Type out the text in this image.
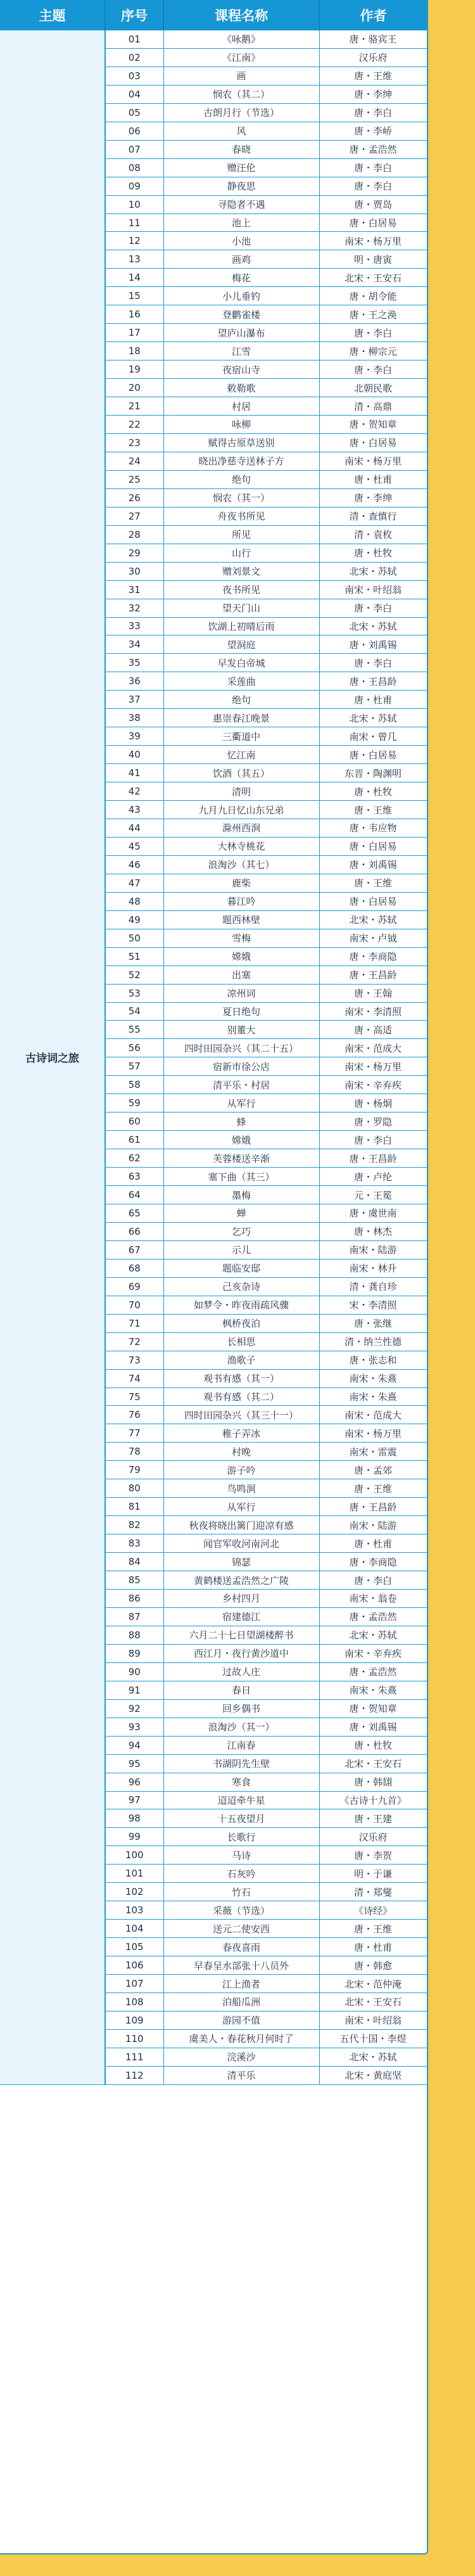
主题	序号	课程名称	作者
古诗词之旅	01	《咏鹅》	唐・骆宾王
	02	《江南》	汉乐府
	03	画	唐・王维
	04	悯农（其二）	唐・李绅
	05	古朗月行（节选）	唐・李白
	06	风	唐・李峤
	07	春晓	唐・孟浩然
	08	赠汪伦	唐・李白
	09	静夜思	唐・李白
	10	寻隐者不遇	唐・贾岛
	11	池上	唐・白居易
	12	小池	南宋・杨万里
	13	画鸡	明・唐寅
	14	梅花	北宋・王安石
	15	小儿垂钓	唐・胡令能
	16	登鹳雀楼	唐・王之涣
	17	望庐山瀑布	唐・李白
	18	江雪	唐・柳宗元
	19	夜宿山寺	唐・李白
	20	敕勒歌	北朝民歌
	21	村居	清・高鼎
	22	咏柳	唐・贺知章
	23	赋得古原草送别	唐・白居易
	24	晓出净慈寺送林子方	南宋・杨万里
	25	绝句	唐・杜甫
	26	悯农（其一）	唐・李绅
	27	舟夜书所见	清・查慎行
	28	所见	清・袁枚
	29	山行	唐・杜牧
	30	赠刘景文	北宋・苏轼
	31	夜书所见	南宋・叶绍翁
	32	望天门山	唐・李白
	33	饮湖上初晴后雨	北宋・苏轼
	34	望洞庭	唐・刘禹锡
	35	早发白帝城	唐・李白
	36	采莲曲	唐・王昌龄
	37	绝句	唐・杜甫
	38	惠崇春江晚景	北宋・苏轼
	39	三衢道中	南宋・曾几
	40	忆江南	唐・白居易
	41	饮酒（其五）	东晋・陶渊明
	42	清明	唐・杜牧
	43	九月九日忆山东兄弟	唐・王维
	44	滁州西涧	唐・韦应物
	45	大林寺桃花	唐・白居易
	46	浪淘沙（其七）	唐・刘禹锡
	47	鹿柴	唐・王维
	48	暮江吟	唐・白居易
	49	题西林壁	北宋・苏轼
	50	雪梅	南宋・卢钺
	51	嫦娥	唐・李商隐
	52	出塞	唐・王昌龄
	53	凉州词	唐・王翰
	54	夏日绝句	南宋・李清照
	55	别董大	唐・高适
	56	四时田园杂兴（其二十五）	南宋・范成大
	57	宿新市徐公店	南宋・杨万里
	58	清平乐・村居	南宋・辛弃疾
	59	从军行	唐・杨炯
	60	蜂	唐・罗隐
	61	嫦娥	唐・李白
	62	芙蓉楼送辛渐	唐・王昌龄
	63	塞下曲（其三）	唐・卢纶
	64	墨梅	元・王冕
	65	蝉	唐・虞世南
	66	乞巧	唐・林杰
	67	示儿	南宋・陆游
	68	题临安邸	南宋・林升
	69	己亥杂诗	清・龚自珍
	70	如梦令・昨夜雨疏风骤	宋・李清照
	71	枫桥夜泊	唐・张继
	72	长相思	清・纳兰性德
	73	渔歌子	唐・张志和
	74	观书有感（其一）	南宋・朱熹
	75	观书有感（其二）	南宋・朱熹
	76	四时田园杂兴（其三十一）	南宋・范成大
	77	稚子弄冰	南宋・杨万里
	78	村晚	南宋・雷震
	79	游子吟	唐・孟郊
	80	鸟鸣涧	唐・王维
	81	从军行	唐・王昌龄
	82	秋夜将晓出篱门迎凉有感	南宋・陆游
	83	闻官军收河南河北	唐・杜甫
	84	锦瑟	唐・李商隐
	85	黄鹤楼送孟浩然之广陵	唐・李白
	86	乡村四月	南宋・翁卷
	87	宿建德江	唐・孟浩然
	88	六月二十七日望湖楼醉书	北宋・苏轼
	89	西江月・夜行黄沙道中	南宋・辛弃疾
	90	过故人庄	唐・孟浩然
	91	春日	南宋・朱熹
	92	回乡偶书	唐・贺知章
	93	浪淘沙（其一）	唐・刘禹锡
	94	江南春	唐・杜牧
	95	书湖阴先生壁	北宋・王安石
	96	寒食	唐・韩翃
	97	迢迢牵牛星	《古诗十九首》
	98	十五夜望月	唐・王建
	99	长歌行	汉乐府
	100	马诗	唐・李贺
	101	石灰吟	明・于谦
	102	竹石	清・郑燮
	103	采薇（节选）	《诗经》
	104	送元二使安西	唐・王维
	105	春夜喜雨	唐・杜甫
	106	早春呈水部张十八员外	唐・韩愈
	107	江上渔者	北宋・范仲淹
	108	泊船瓜洲	北宋・王安石
	109	游园不值	南宋・叶绍翁
	110	虞美人・春花秋月何时了	五代十国・李煜
	111	浣溪沙	北宋・苏轼
	112	清平乐	北宋・黄庭坚
